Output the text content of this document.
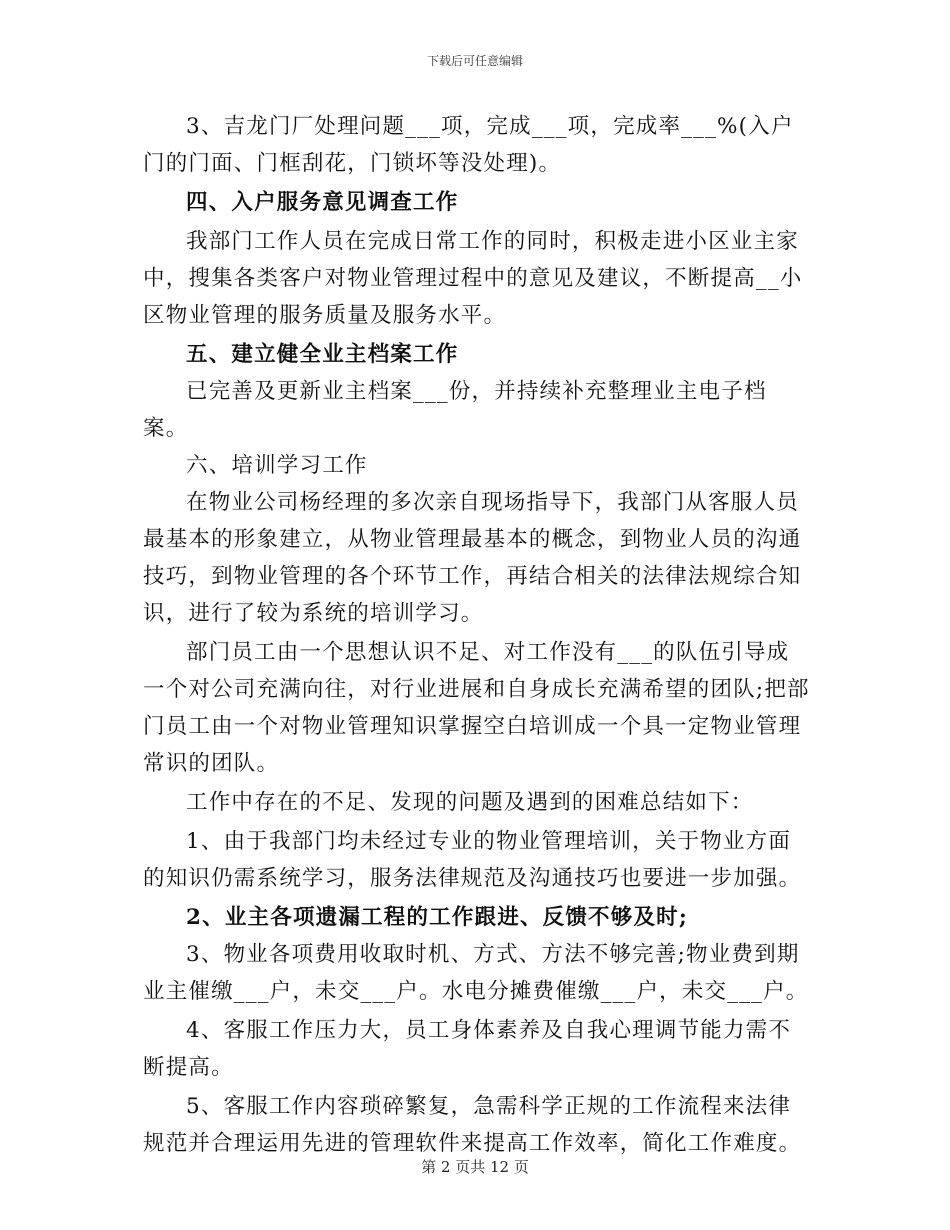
下载后可任意编辑

3、吉龙门厂处理问题___项，完成___项，完成率___%(入户门的门面、门框刮花，门锁坏等没处理)。

四、入户服务意见调查工作

我部门工作人员在完成日常工作的同时，积极走进小区业主家中，搜集各类客户对物业管理过程中的意见及建议，不断提高__小区物业管理的服务质量及服务水平。

五、建立健全业主档案工作

已完善及更新业主档案___份，并持续补充整理业主电子档案。

六、培训学习工作

在物业公司杨经理的多次亲自现场指导下，我部门从客服人员最基本的形象建立，从物业管理最基本的概念，到物业人员的沟通技巧，到物业管理的各个环节工作，再结合相关的法律法规综合知识，进行了较为系统的培训学习。

部门员工由一个思想认识不足、对工作没有___的队伍引导成一个对公司充满向往，对行业进展和自身成长充满希望的团队;把部门员工由一个对物业管理知识掌握空白培训成一个具一定物业管理常识的团队。

工作中存在的不足、发现的问题及遇到的困难总结如下：

1、由于我部门均未经过专业的物业管理培训，关于物业方面的知识仍需系统学习，服务法律规范及沟通技巧也要进一步加强。

2、业主各项遗漏工程的工作跟进、反馈不够及时;

3、物业各项费用收取时机、方式、方法不够完善;物业费到期业主催缴___户，未交___户。水电分摊费催缴___户，未交___户。

4、客服工作压力大，员工身体素养及自我心理调节能力需不断提高。

5、客服工作内容琐碎繁复，急需科学正规的工作流程来法律规范并合理运用先进的管理软件来提高工作效率，简化工作难度。

第 2 页共 12 页
